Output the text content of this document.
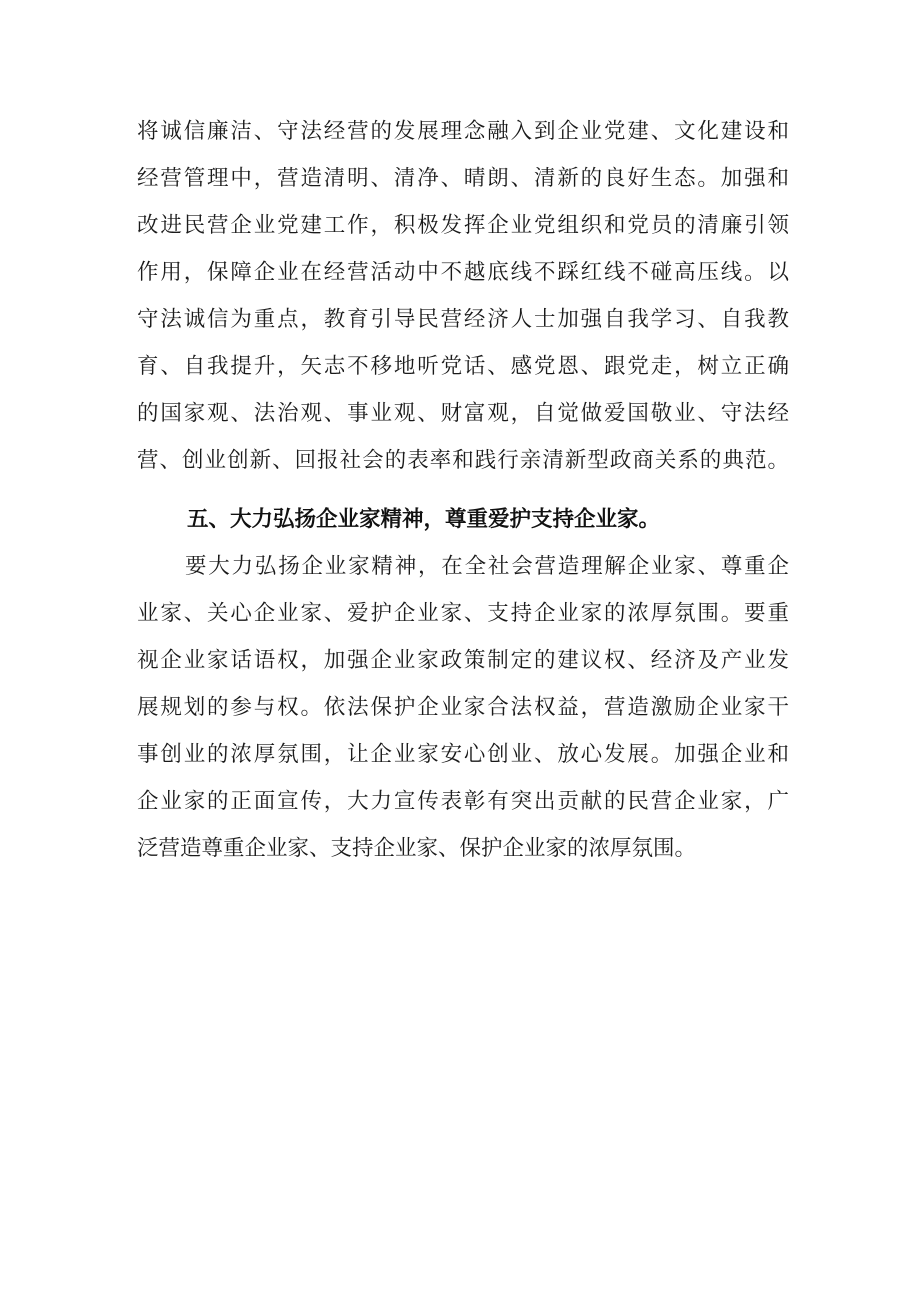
将诚信廉洁、守法经营的发展理念融入到企业党建、文化建设和
经营管理中，营造清明、清净、晴朗、清新的良好生态。加强和
改进民营企业党建工作，积极发挥企业党组织和党员的清廉引领
作用，保障企业在经营活动中不越底线不踩红线不碰高压线。以
守法诚信为重点，教育引导民营经济人士加强自我学习、自我教
育、自我提升，矢志不移地听党话、感党恩、跟党走，树立正确
的国家观、法治观、事业观、财富观，自觉做爱国敬业、守法经
营、创业创新、回报社会的表率和践行亲清新型政商关系的典范。
五、大力弘扬企业家精神，尊重爱护支持企业家。
要大力弘扬企业家精神，在全社会营造理解企业家、尊重企
业家、关心企业家、爱护企业家、支持企业家的浓厚氛围。要重
视企业家话语权，加强企业家政策制定的建议权、经济及产业发
展规划的参与权。依法保护企业家合法权益，营造激励企业家干
事创业的浓厚氛围，让企业家安心创业、放心发展。加强企业和
企业家的正面宣传，大力宣传表彰有突出贡献的民营企业家，广
泛营造尊重企业家、支持企业家、保护企业家的浓厚氛围。
